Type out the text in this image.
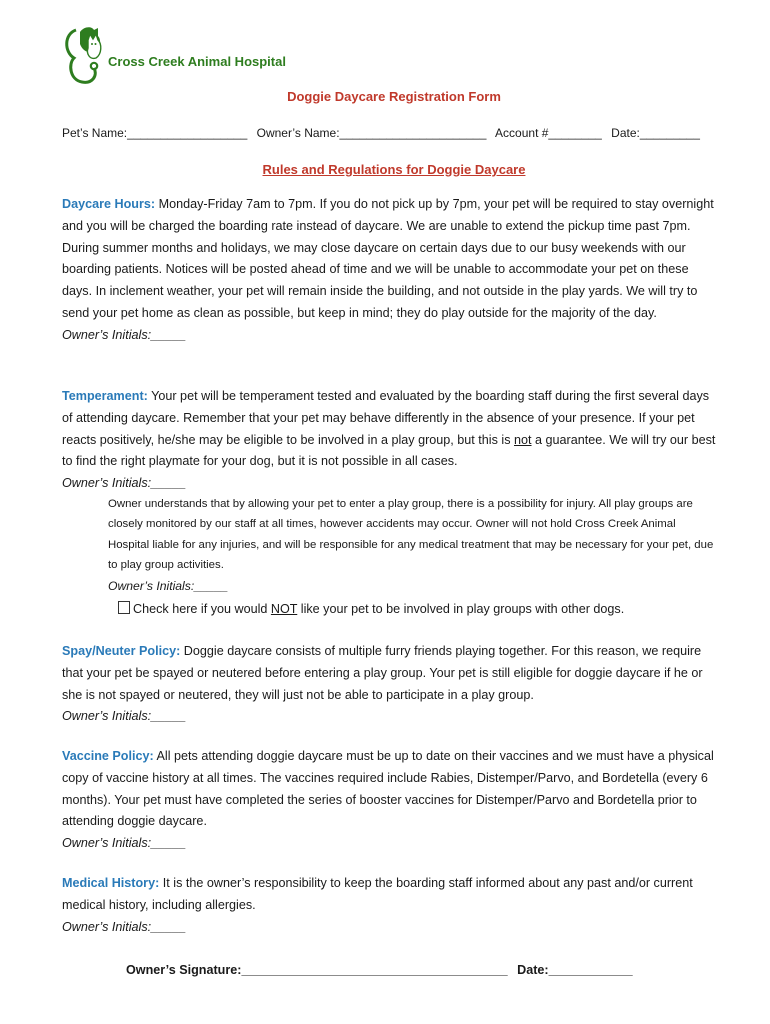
Cross Creek Animal Hospital
Doggie Daycare Registration Form
Pet’s Name:__________________ Owner’s Name:______________________ Account #________ Date:_________
Rules and Regulations for Doggie Daycare
Daycare Hours: Monday-Friday 7am to 7pm. If you do not pick up by 7pm, your pet will be required to stay overnight and you will be charged the boarding rate instead of daycare. We are unable to extend the pickup time past 7pm. During summer months and holidays, we may close daycare on certain days due to our busy weekends with our boarding patients. Notices will be posted ahead of time and we will be unable to accommodate your pet on these days. In inclement weather, your pet will remain inside the building, and not outside in the play yards. We will try to send your pet home as clean as possible, but keep in mind; they do play outside for the majority of the day.
Owner’s Initials:_____
Temperament: Your pet will be temperament tested and evaluated by the boarding staff during the first several days of attending daycare. Remember that your pet may behave differently in the absence of your presence. If your pet reacts positively, he/she may be eligible to be involved in a play group, but this is not a guarantee. We will try our best to find the right playmate for your dog, but it is not possible in all cases.
Owner’s Initials:_____
Owner understands that by allowing your pet to enter a play group, there is a possibility for injury. All play groups are closely monitored by our staff at all times, however accidents may occur. Owner will not hold Cross Creek Animal Hospital liable for any injuries, and will be responsible for any medical treatment that may be necessary for your pet, due to play group activities.
Owner’s Initials:_____
Check here if you would NOT like your pet to be involved in play groups with other dogs.
Spay/Neuter Policy: Doggie daycare consists of multiple furry friends playing together. For this reason, we require that your pet be spayed or neutered before entering a play group. Your pet is still eligible for doggie daycare if he or she is not spayed or neutered, they will just not be able to participate in a play group.
Owner’s Initials:_____
Vaccine Policy: All pets attending doggie daycare must be up to date on their vaccines and we must have a physical copy of vaccine history at all times. The vaccines required include Rabies, Distemper/Parvo, and Bordetella (every 6 months). Your pet must have completed the series of booster vaccines for Distemper/Parvo and Bordetella prior to attending doggie daycare.
Owner’s Initials:_____
Medical History: It is the owner’s responsibility to keep the boarding staff informed about any past and/or current medical history, including allergies.
Owner’s Initials:_____
Owner’s Signature:______________________________________ Date:____________
